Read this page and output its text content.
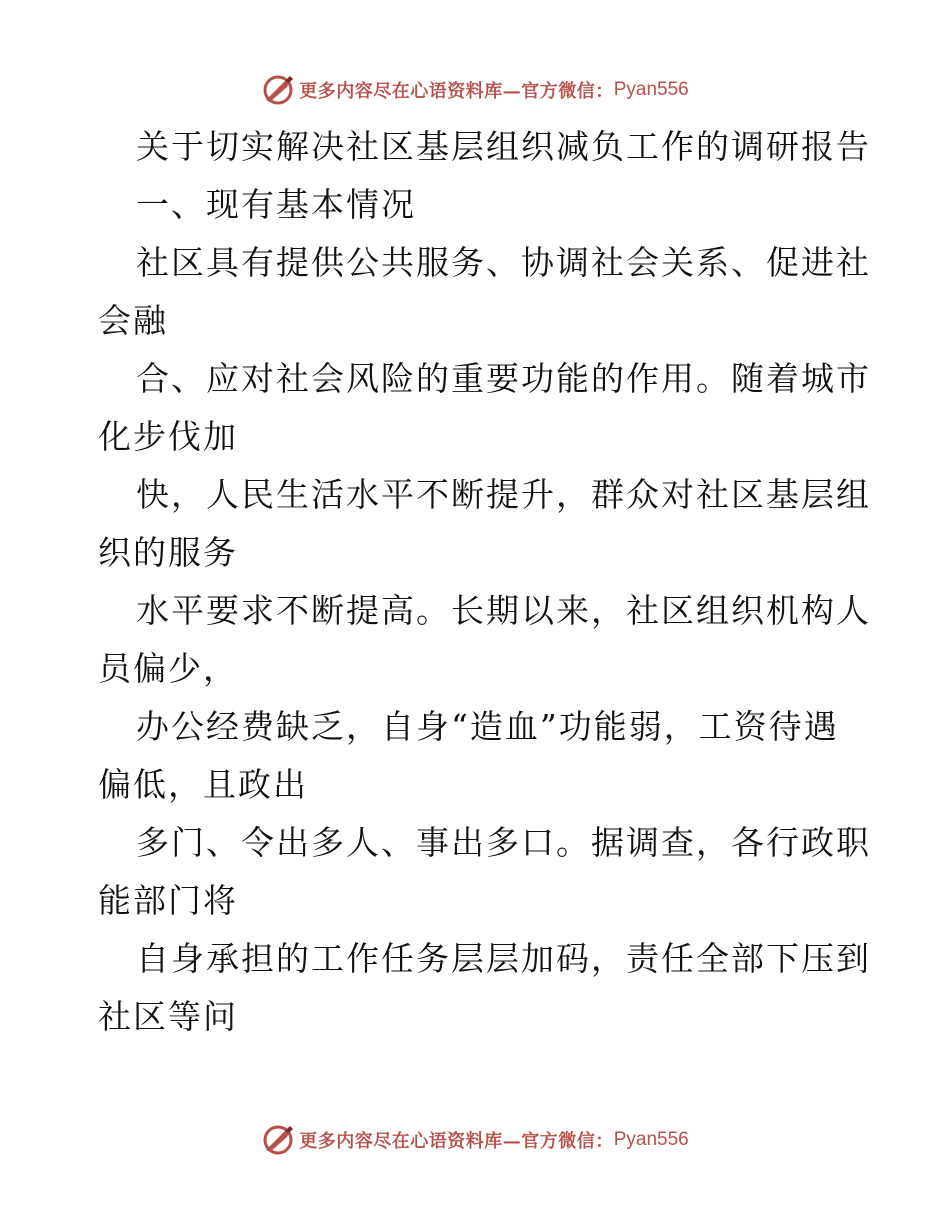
更多内容尽在心语资料库—官方微信： Pyan556
关于切实解决社区基层组织减负工作的调研报告
一、现有基本情况
社区具有提供公共服务、协调社会关系、促进社
会融
合、应对社会风险的重要功能的作用。随着城市
化步伐加
快，人民生活水平不断提升，群众对社区基层组
织的服务
水平要求不断提高。长期以来，社区组织机构人
员偏少，
办公经费缺乏，自身“造血”功能弱，工资待遇
偏低，且政出
多门、令出多人、事出多口。据调查，各行政职
能部门将
自身承担的工作任务层层加码，责任全部下压到
社区等问
更多内容尽在心语资料库—官方微信： Pyan556
